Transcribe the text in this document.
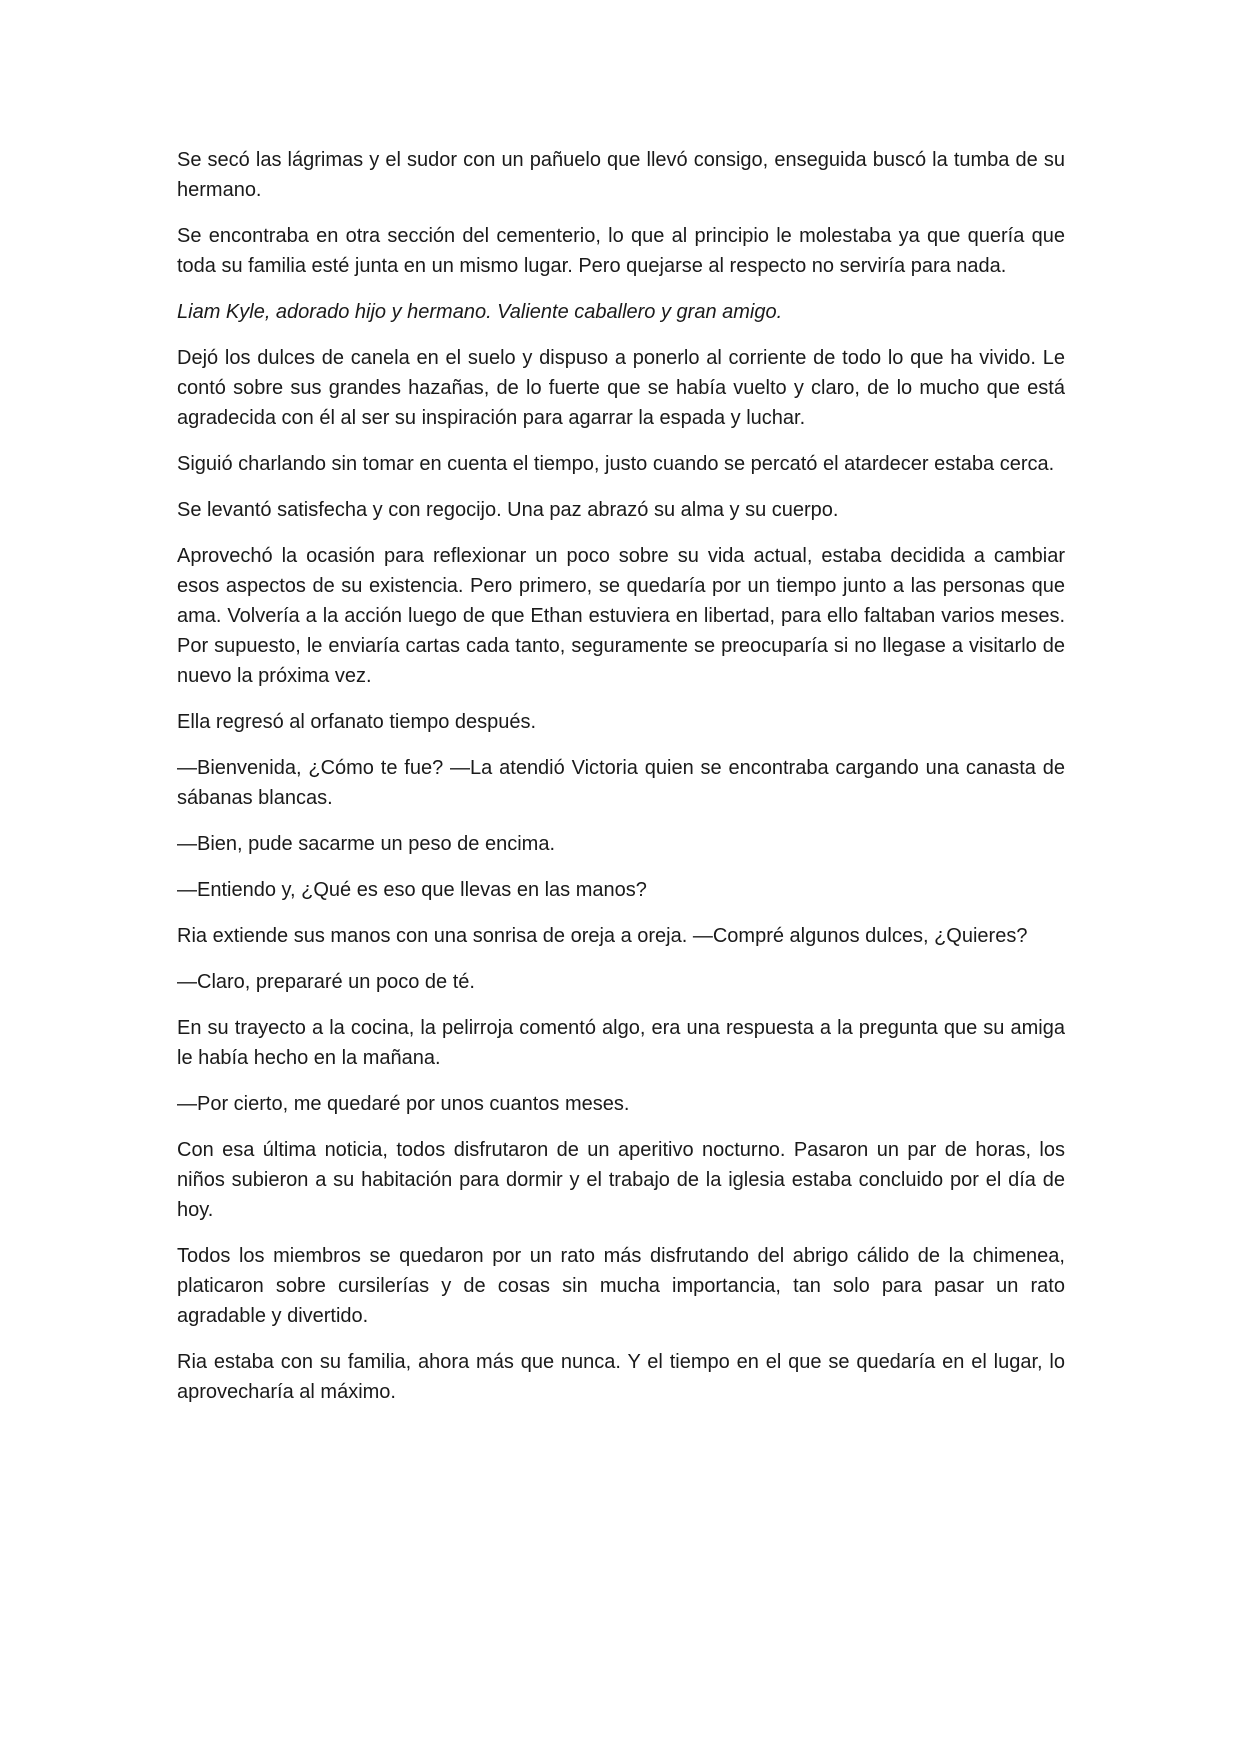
Se secó las lágrimas y el sudor con un pañuelo que llevó consigo, enseguida buscó la tumba de su hermano.

Se encontraba en otra sección del cementerio, lo que al principio le molestaba ya que quería que toda su familia esté junta en un mismo lugar. Pero quejarse al respecto no serviría para nada.

Liam Kyle, adorado hijo y hermano. Valiente caballero y gran amigo.

Dejó los dulces de canela en el suelo y dispuso a ponerlo al corriente de todo lo que ha vivido. Le contó sobre sus grandes hazañas, de lo fuerte que se había vuelto y claro, de lo mucho que está agradecida con él al ser su inspiración para agarrar la espada y luchar.

Siguió charlando sin tomar en cuenta el tiempo, justo cuando se percató el atardecer estaba cerca.

Se levantó satisfecha y con regocijo. Una paz abrazó su alma y su cuerpo.

Aprovechó la ocasión para reflexionar un poco sobre su vida actual, estaba decidida a cambiar esos aspectos de su existencia. Pero primero, se quedaría por un tiempo junto a las personas que ama. Volvería a la acción luego de que Ethan estuviera en libertad, para ello faltaban varios meses. Por supuesto, le enviaría cartas cada tanto, seguramente se preocuparía si no llegase a visitarlo de nuevo la próxima vez.

Ella regresó al orfanato tiempo después.

—Bienvenida, ¿Cómo te fue? —La atendió Victoria quien se encontraba cargando una canasta de sábanas blancas.

—Bien, pude sacarme un peso de encima.

—Entiendo y, ¿Qué es eso que llevas en las manos?

Ria extiende sus manos con una sonrisa de oreja a oreja. —Compré algunos dulces, ¿Quieres?

—Claro, prepararé un poco de té.

En su trayecto a la cocina, la pelirroja comentó algo, era una respuesta a la pregunta que su amiga le había hecho en la mañana.

—Por cierto, me quedaré por unos cuantos meses.

Con esa última noticia, todos disfrutaron de un aperitivo nocturno. Pasaron un par de horas, los niños subieron a su habitación para dormir y el trabajo de la iglesia estaba concluido por el día de hoy.

Todos los miembros se quedaron por un rato más disfrutando del abrigo cálido de la chimenea, platicaron sobre cursilerías y de cosas sin mucha importancia, tan solo para pasar un rato agradable y divertido.

Ria estaba con su familia, ahora más que nunca. Y el tiempo en el que se quedaría en el lugar, lo aprovecharía al máximo.
